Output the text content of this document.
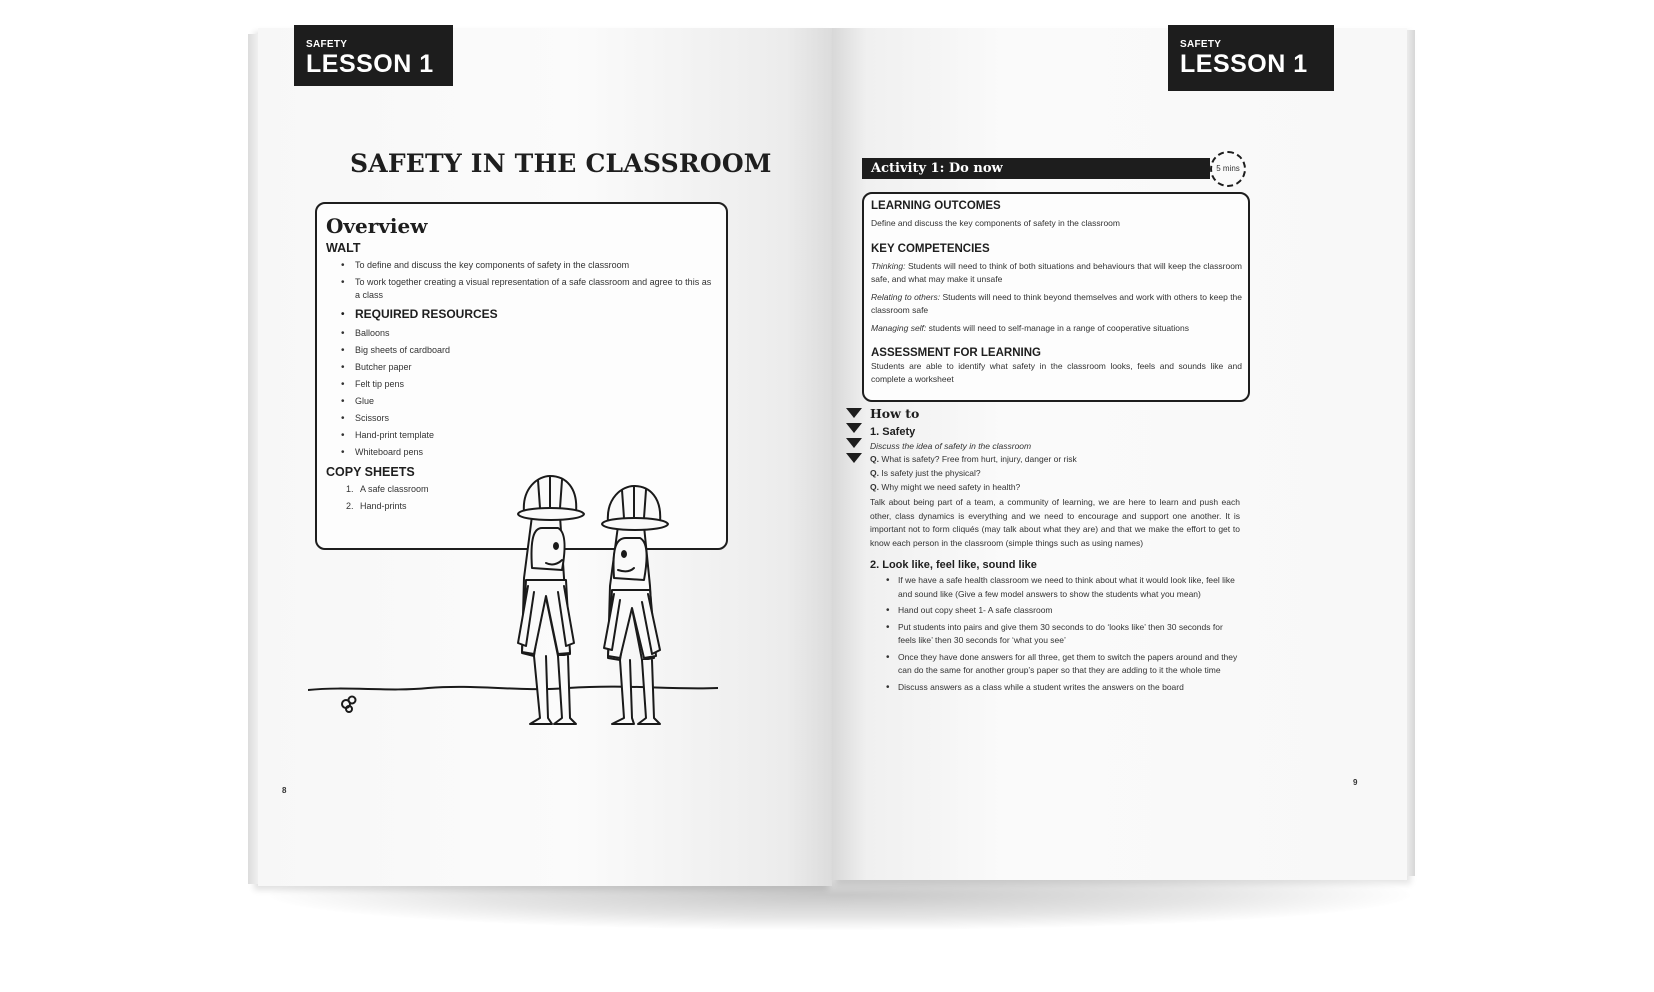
SAFETY
LESSON 1
SAFETY IN THE CLASSROOM
Overview
WALT
• To define and discuss the key components of safety in the classroom
• To work together creating a visual representation of a safe classroom and agree to this as a class
• REQUIRED RESOURCES
• Balloons
• Big sheets of cardboard
• Butcher paper
• Felt tip pens
• Glue
• Scissors
• Hand-print template
• Whiteboard pens
COPY SHEETS
1. A safe classroom
2. Hand-prints
8
SAFETY
LESSON 1
Activity 1: Do now	5 mins
LEARNING OUTCOMES

Define and discuss the key components of safety in the classroom

KEY COMPETENCIES

Thinking: Students will need to think of both situations and behaviours that will keep the classroom safe, and what may make it unsafe

Relating to others: Students will need to think beyond themselves and work with others to keep the classroom safe

Managing self: students will need to self-manage in a range of cooperative situations

ASSESSMENT FOR LEARNING

Students are able to identify what safety in the classroom looks, feels and sounds like and complete a worksheet

How to
1. Safety
Discuss the idea of safety in the classroom
Q. What is safety? Free from hurt, injury, danger or risk
Q. Is safety just the physical?
Q. Why might we need safety in health?

Talk about being part of a team, a community of learning, we are here to learn and push each other, class dynamics is everything and we need to encourage and support one another. It is important not to form cliqués (may talk about what they are) and that we make the effort to get to know each person in the classroom (simple things such as using names)

2. Look like, feel like, sound like
• If we have a safe health classroom we need to think about what it would look like, feel like and sound like (Give a few model answers to show the students what you mean)
• Hand out copy sheet 1- A safe classroom
• Put students into pairs and give them 30 seconds to do ‘looks like’ then 30 seconds for feels like’ then 30 seconds for ‘what you see’
• Once they have done answers for all three, get them to switch the papers around and they can do the same for another group’s paper so that they are adding to it the whole time
• Discuss answers as a class while a student writes the answers on the board
9
